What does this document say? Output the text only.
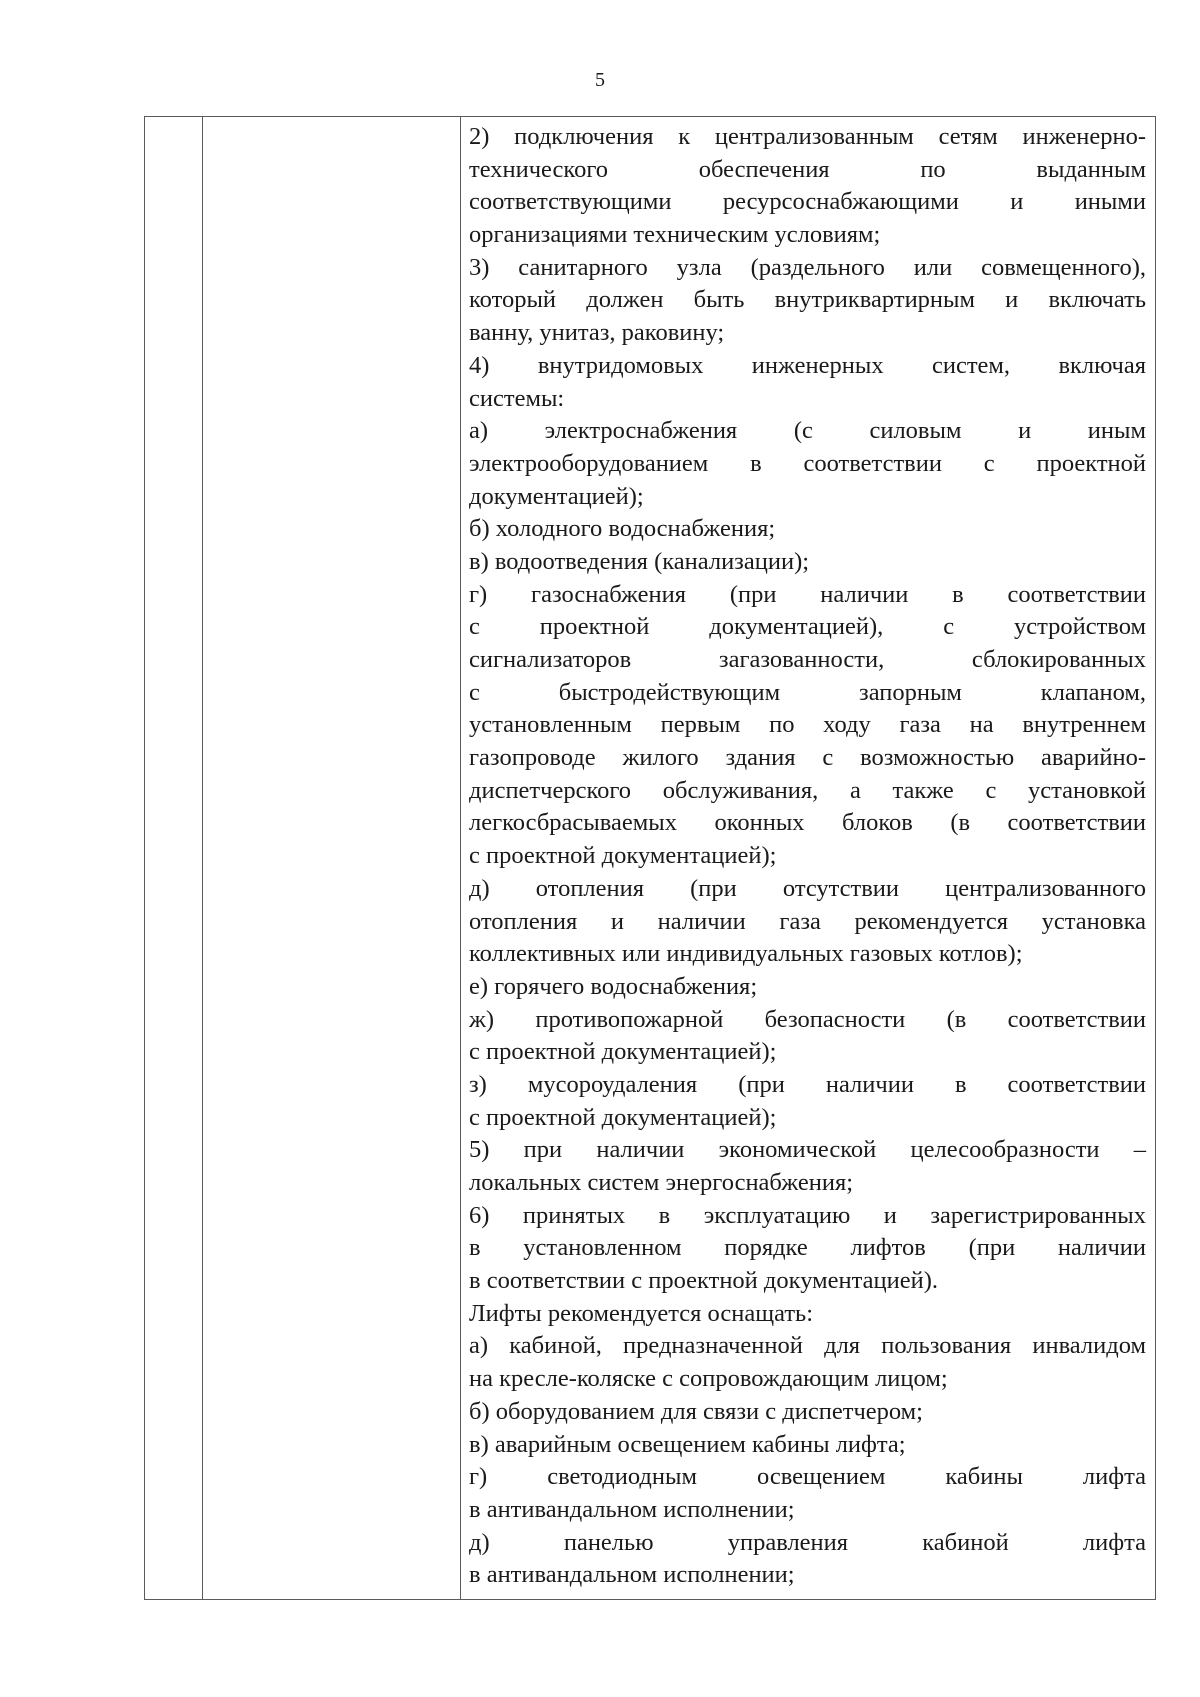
5
2) подключения к централизованным сетям инженерно-
технического обеспечения по выданным
соответствующими ресурсоснабжающими и иными
организациями техническим условиям;
3) санитарного узла (раздельного или совмещенного),
который должен быть внутриквартирным и включать
ванну, унитаз, раковину;
4) внутридомовых инженерных систем, включая
системы:
а) электроснабжения (с силовым и иным
электрооборудованием в соответствии с проектной
документацией);
б) холодного водоснабжения;
в) водоотведения (канализации);
г) газоснабжения (при наличии в соответствии
с проектной документацией), с устройством
сигнализаторов загазованности, сблокированных
с быстродействующим запорным клапаном,
установленным первым по ходу газа на внутреннем
газопроводе жилого здания с возможностью аварийно-
диспетчерского обслуживания, а также с установкой
легкосбрасываемых оконных блоков (в соответствии
с проектной документацией);
д) отопления (при отсутствии централизованного
отопления и наличии газа рекомендуется установка
коллективных или индивидуальных газовых котлов);
е) горячего водоснабжения;
ж) противопожарной безопасности (в соответствии
с проектной документацией);
з) мусороудаления (при наличии в соответствии
с проектной документацией);
5) при наличии экономической целесообразности –
локальных систем энергоснабжения;
6) принятых в эксплуатацию и зарегистрированных
в установленном порядке лифтов (при наличии
в соответствии с проектной документацией).
Лифты рекомендуется оснащать:
а) кабиной, предназначенной для пользования инвалидом
на кресле-коляске с сопровождающим лицом;
б) оборудованием для связи с диспетчером;
в) аварийным освещением кабины лифта;
г) светодиодным освещением кабины лифта
в антивандальном исполнении;
д) панелью управления кабиной лифта
в антивандальном исполнении;
